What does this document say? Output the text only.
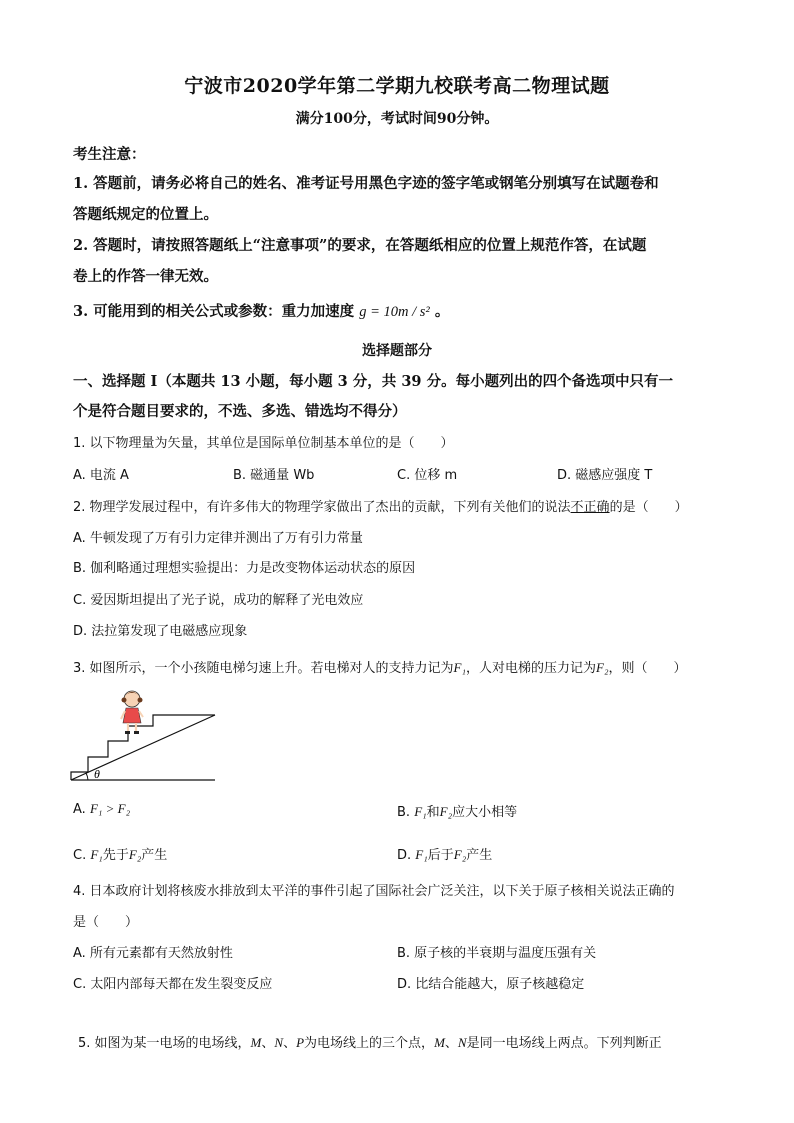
宁波市2020学年第二学期九校联考高二物理试题
满分100分，考试时间90分钟。
考生注意：
1. 答题前，请务必将自己的姓名、准考证号用黑色字迹的签字笔或钢笔分别填写在试题卷和
答题纸规定的位置上。
2. 答题时，请按照答题纸上“注意事项”的要求，在答题纸相应的位置上规范作答，在试题
卷上的作答一律无效。
3. 可能用到的相关公式或参数：重力加速度 g = 10m / s² 。
选择题部分
一、选择题 I（本题共 13 小题，每小题 3 分，共 39 分。每小题列出的四个备选项中只有一
个是符合题目要求的，不选、多选、错选均不得分）
1. 以下物理量为矢量，其单位是国际单位制基本单位的是（　　）
A. 电流 A	B. 磁通量 Wb	C. 位移 m	D. 磁感应强度 T
2. 物理学发展过程中，有许多伟大的物理学家做出了杰出的贡献，下列有关他们的说法不正确的是（　　）
A. 牛顿发现了万有引力定律并测出了万有引力常量
B. 伽利略通过理想实验提出：力是改变物体运动状态的原因
C. 爱因斯坦提出了光子说，成功的解释了光电效应
D. 法拉第发现了电磁感应现象
3. 如图所示，一个小孩随电梯匀速上升。若电梯对人的支持力记为F₁，人对电梯的压力记为F₂，则（　　）
θ
A. F₁ > F₂	B. F₁和F₂应大小相等
C. F₁先于F₂产生	D. F₁后于F₂产生
4. 日本政府计划将核废水排放到太平洋的事件引起了国际社会广泛关注，以下关于原子核相关说法正确的
是（　　）
A. 所有元素都有天然放射性	B. 原子核的半衰期与温度压强有关
C. 太阳内部每天都在发生裂变反应	D. 比结合能越大，原子核越稳定
5. 如图为某一电场的电场线，M、N、P为电场线上的三个点，M、N是同一电场线上两点。下列判断正
